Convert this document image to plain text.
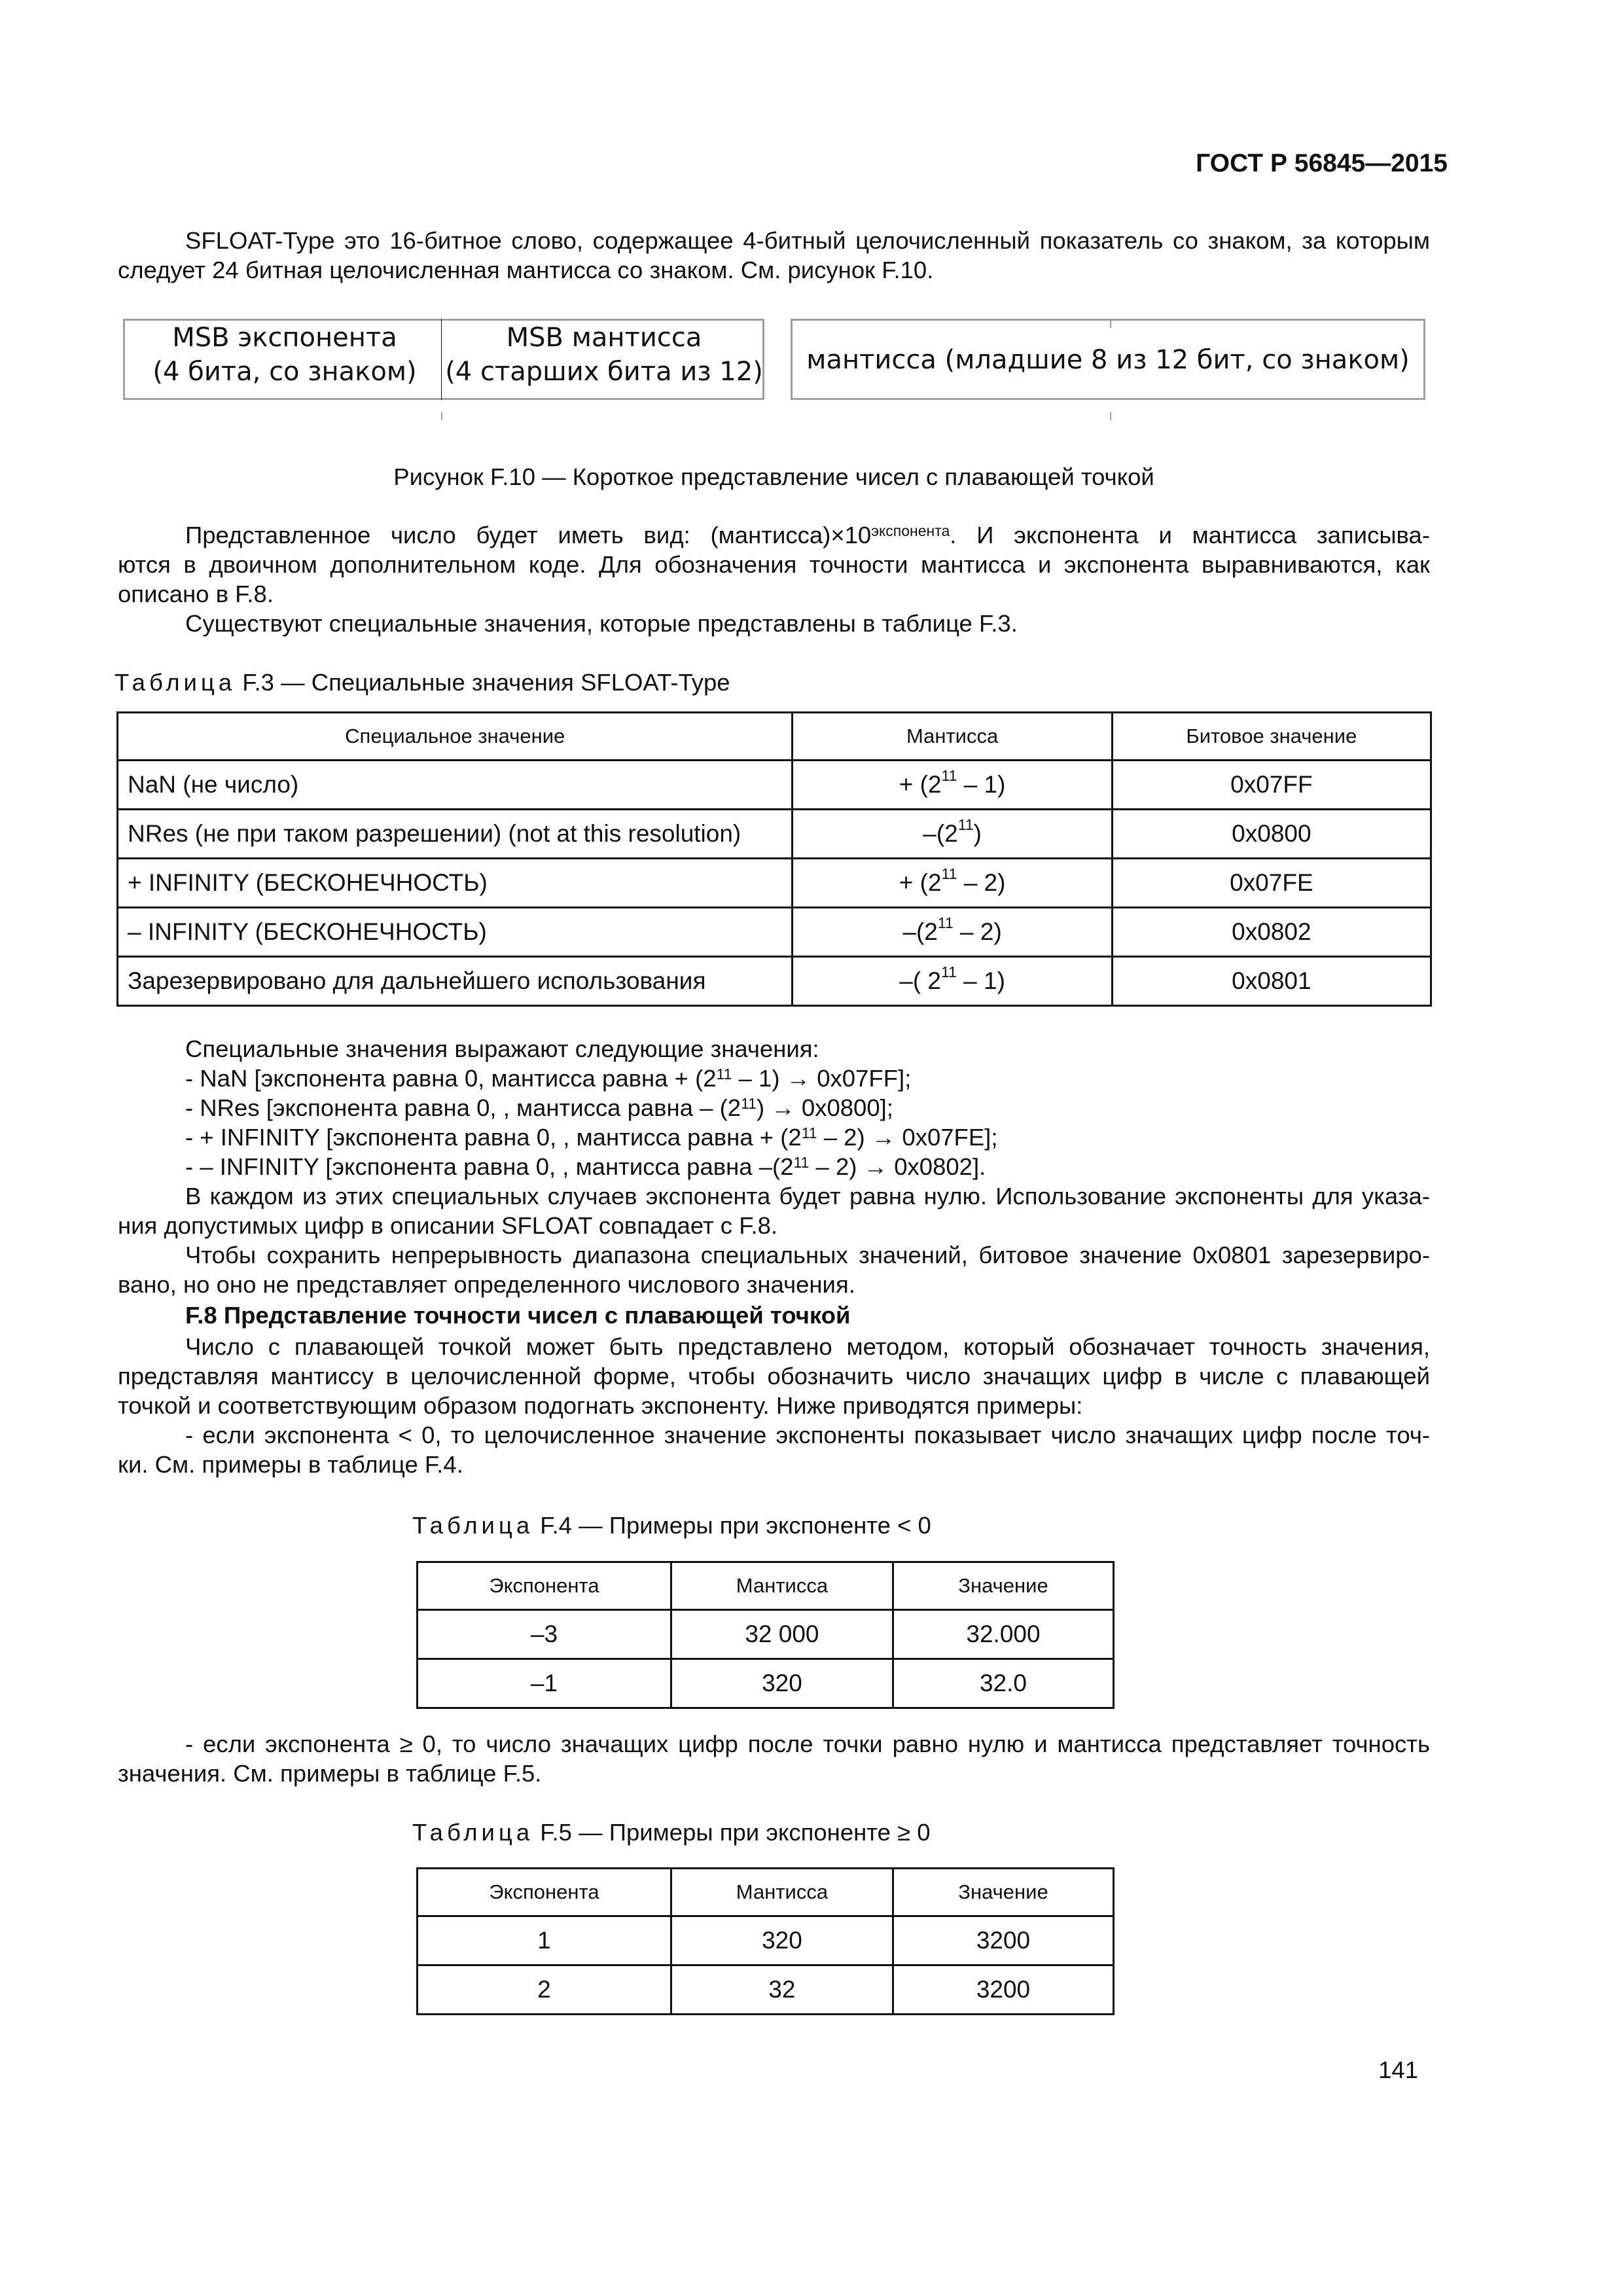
ГОСТ Р 56845—2015
SFLOAT-Type это 16-битное слово, содержащее 4-битный целочисленный показатель со знаком, за которым
следует 24 битная целочисленная мантисса со знаком. См. рисунок F.10.
MSB экспонента
(4 бита, со знаком)
MSB мантисса
(4 старших бита из 12)	мантисса (младшие 8 из 12 бит, со знаком)
Рисунок F.10 — Короткое представление чисел с плавающей точкой
Представленное число будет иметь вид: $(мантисса)\times 10^{экспонента}$. И экспонента и мантисса записыва-
ются в двоичном дополнительном коде. Для обозначения точности мантисса и экспонента выравниваются, как
описано в F.8.
Существуют специальные значения, которые представлены в таблице F.3.
Таблица F.3 — Специальные значения SFLOAT-Type
Специальное значение	Мантисса	Битовое значение
NaN (не число)	+ $(2^{11} - 1)$	0x07FF
NRes (не при таком разрешении) (not at this resolution)	$-(2^{11})$	0x0800
+ INFINITY (БЕСКОНЕЧНОСТЬ)	+ $(2^{11} - 2)$	0x07FE
– INFINITY (БЕСКОНЕЧНОСТЬ)	$-(2^{11} - 2)$	0x0802
Зарезервировано для дальнейшего использования	–( $2^{11} - 1$)	0x0801
Специальные значения выражают следующие значения:
- NaN [экспонента равна 0, мантисса равна + $(2^{11} - 1) \to 0x07FF$];
- NRes [экспонента равна 0, , мантисса равна – $(2^{11}) \to 0x0800$];
- + INFINITY [экспонента равна 0, , мантисса равна + $(2^{11} - 2) \to 0x07FE$];
- – INFINITY [экспонента равна 0, , мантисса равна $-(2^{11} - 2) \to 0x0802$].
В каждом из этих специальных случаев экспонента будет равна нулю. Использование экспоненты для указа-
ния допустимых цифр в описании SFLOAT совпадает с F.8.
Чтобы сохранить непрерывность диапазона специальных значений, битовое значение 0x0801 зарезервиро-
вано, но оно не представляет определенного числового значения.
F.8 Представление точности чисел с плавающей точкой
Число с плавающей точкой может быть представлено методом, который обозначает точность значения,
представляя мантиссу в целочисленной форме, чтобы обозначить число значащих цифр в числе с плавающей
точкой и соответствующим образом подогнать экспоненту. Ниже приводятся примеры:
- если экспонента < 0, то целочисленное значение экспоненты показывает число значащих цифр после точ-
ки. См. примеры в таблице F.4.
Таблица F.4 — Примеры при экспоненте < 0
Экспонента	Мантисса	Значение
–3	32 000	32.000
–1	320	32.0
- если экспонента ≥ 0, то число значащих цифр после точки равно нулю и мантисса представляет точность
значения. См. примеры в таблице F.5.
Таблица F.5 — Примеры при экспоненте ≥ 0
Экспонента	Мантисса	Значение
1	320	3200
2	32	3200
141
